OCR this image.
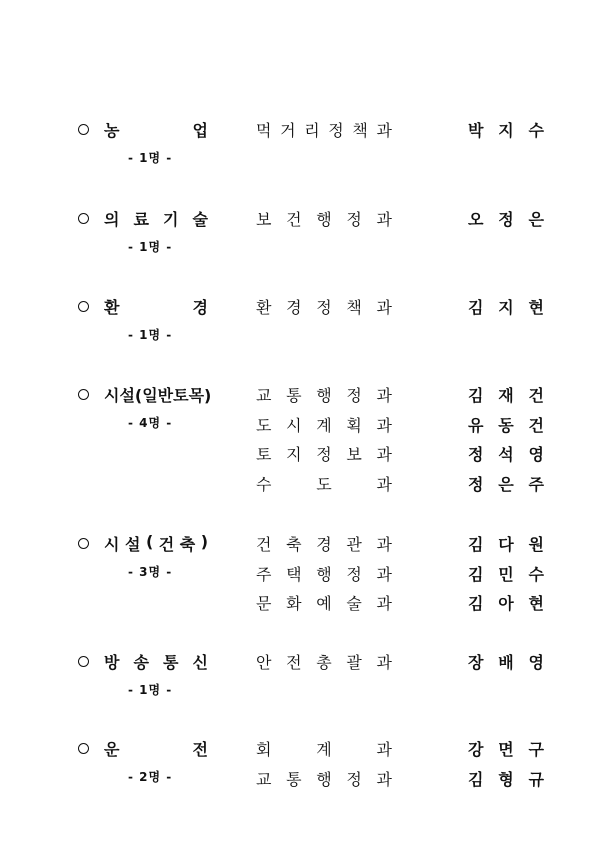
농	업
- 1명 -
먹 거 리 정 책 과	박 지 수
의 료 기 술
- 1명 -
보 건 행 정 과	오 정 은
환	경
- 1명 -
환 경 정 책 과	김 지 현
시설(일반토목)
- 4명 -
교 통 행 정 과	김 재 건
도 시 계 획 과	유 동 건
토 지 정 보 과	정 석 영
수	도	과	정 은 주
시 설 ( 건 축 )
- 3명 -
건 축 경 관 과	김 다 원
주 택 행 정 과	김 민 수
문 화 예 술 과	김 아 현
방 송 통 신
- 1명 -
안 전 총 괄 과	장 배 영
운	전
- 2명 -
회	계	과	강 면 구
교 통 행 정 과	김 형 규
